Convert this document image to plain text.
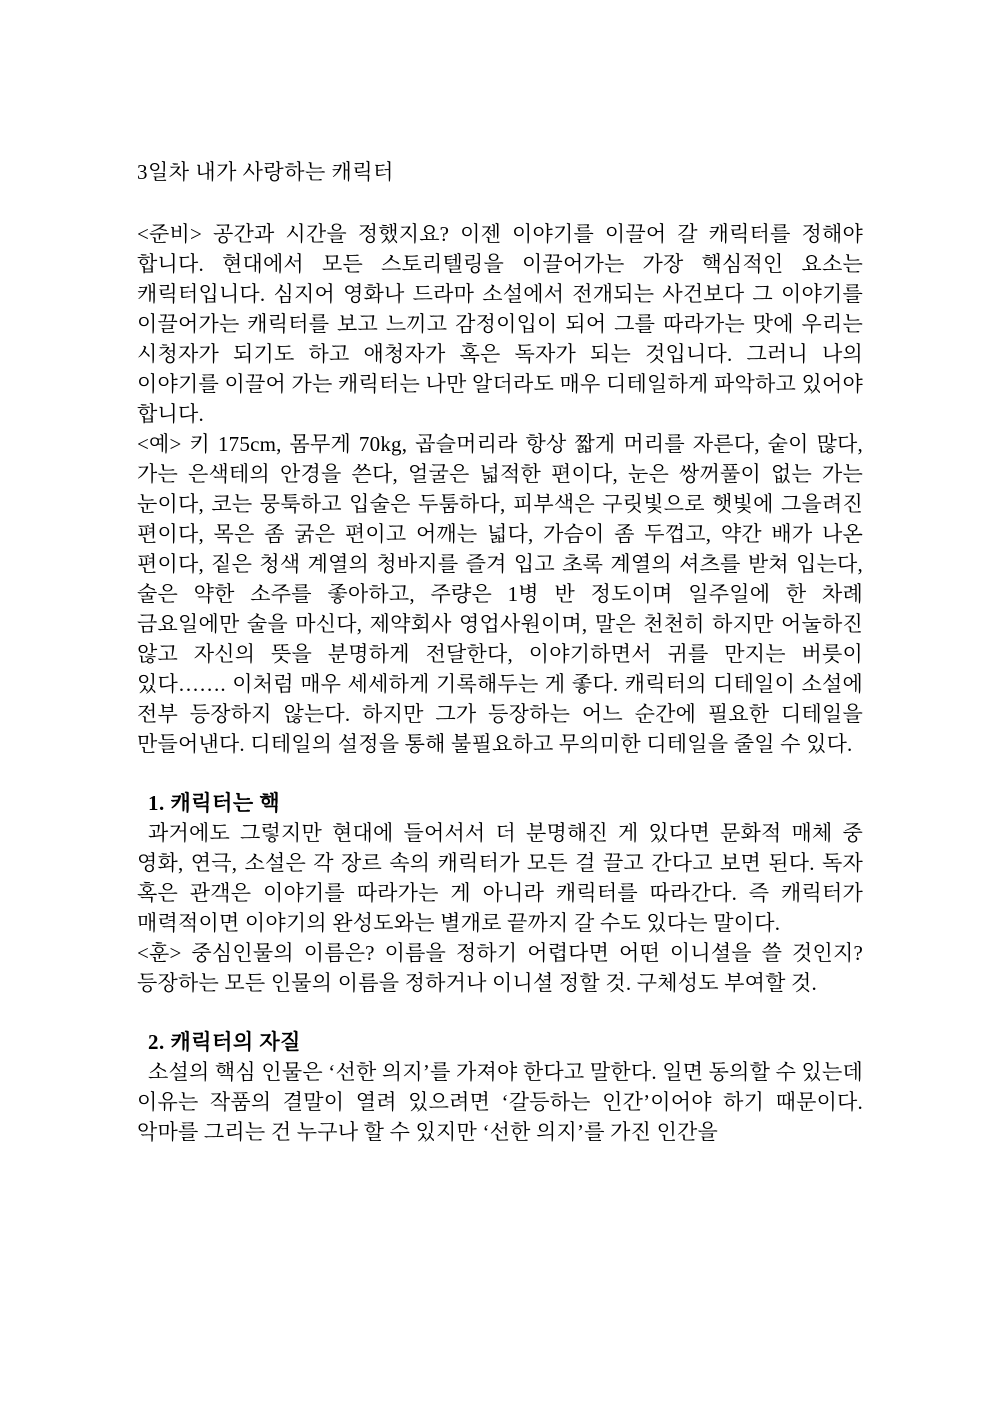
3일차 내가 사랑하는 캐릭터

<준비> 공간과 시간을 정했지요? 이젠 이야기를 이끌어 갈 캐릭터를 정해야 합니다. 현대에서 모든 스토리텔링을 이끌어가는 가장 핵심적인 요소는 캐릭터입니다. 심지어 영화나 드라마 소설에서 전개되는 사건보다 그 이야기를 이끌어가는 캐릭터를 보고 느끼고 감정이입이 되어 그를 따라가는 맛에 우리는 시청자가 되기도 하고 애청자가 혹은 독자가 되는 것입니다. 그러니 나의 이야기를 이끌어 가는 캐릭터는 나만 알더라도 매우 디테일하게 파악하고 있어야 합니다.

<예> 키 175cm, 몸무게 70kg, 곱슬머리라 항상 짧게 머리를 자른다, 숱이 많다, 가는 은색테의 안경을 쓴다, 얼굴은 넓적한 편이다, 눈은 쌍꺼풀이 없는 가는 눈이다, 코는 뭉툭하고 입술은 두툼하다, 피부색은 구릿빛으로 햇빛에 그을려진 편이다, 목은 좀 굵은 편이고 어깨는 넓다, 가슴이 좀 두껍고, 약간 배가 나온 편이다, 짙은 청색 계열의 청바지를 즐겨 입고 초록 계열의 셔츠를 받쳐 입는다, 술은 약한 소주를 좋아하고, 주량은 1병 반 정도이며 일주일에 한 차례 금요일에만 술을 마신다, 제약회사 영업사원이며, 말은 천천히 하지만 어눌하진 않고 자신의 뜻을 분명하게 전달한다, 이야기하면서 귀를 만지는 버릇이 있다……. 이처럼 매우 세세하게 기록해두는 게 좋다. 캐릭터의 디테일이 소설에 전부 등장하지 않는다. 하지만 그가 등장하는 어느 순간에 필요한 디테일을 만들어낸다. 디테일의 설정을 통해 불필요하고 무의미한 디테일을 줄일 수 있다.

1. 캐릭터는 핵

과거에도 그렇지만 현대에 들어서서 더 분명해진 게 있다면 문화적 매체 중 영화, 연극, 소설은 각 장르 속의 캐릭터가 모든 걸 끌고 간다고 보면 된다. 독자 혹은 관객은 이야기를 따라가는 게 아니라 캐릭터를 따라간다. 즉 캐릭터가 매력적이면 이야기의 완성도와는 별개로 끝까지 갈 수도 있다는 말이다.

<훈> 중심인물의 이름은? 이름을 정하기 어렵다면 어떤 이니셜을 쓸 것인지? 등장하는 모든 인물의 이름을 정하거나 이니셜 정할 것. 구체성도 부여할 것.

2. 캐릭터의 자질

소설의 핵심 인물은 ‘선한 의지’를 가져야 한다고 말한다. 일면 동의할 수 있는데 이유는 작품의 결말이 열려 있으려면 ‘갈등하는 인간’이어야 하기 때문이다. 악마를 그리는 건 누구나 할 수 있지만 ‘선한 의지’를 가진 인간을
